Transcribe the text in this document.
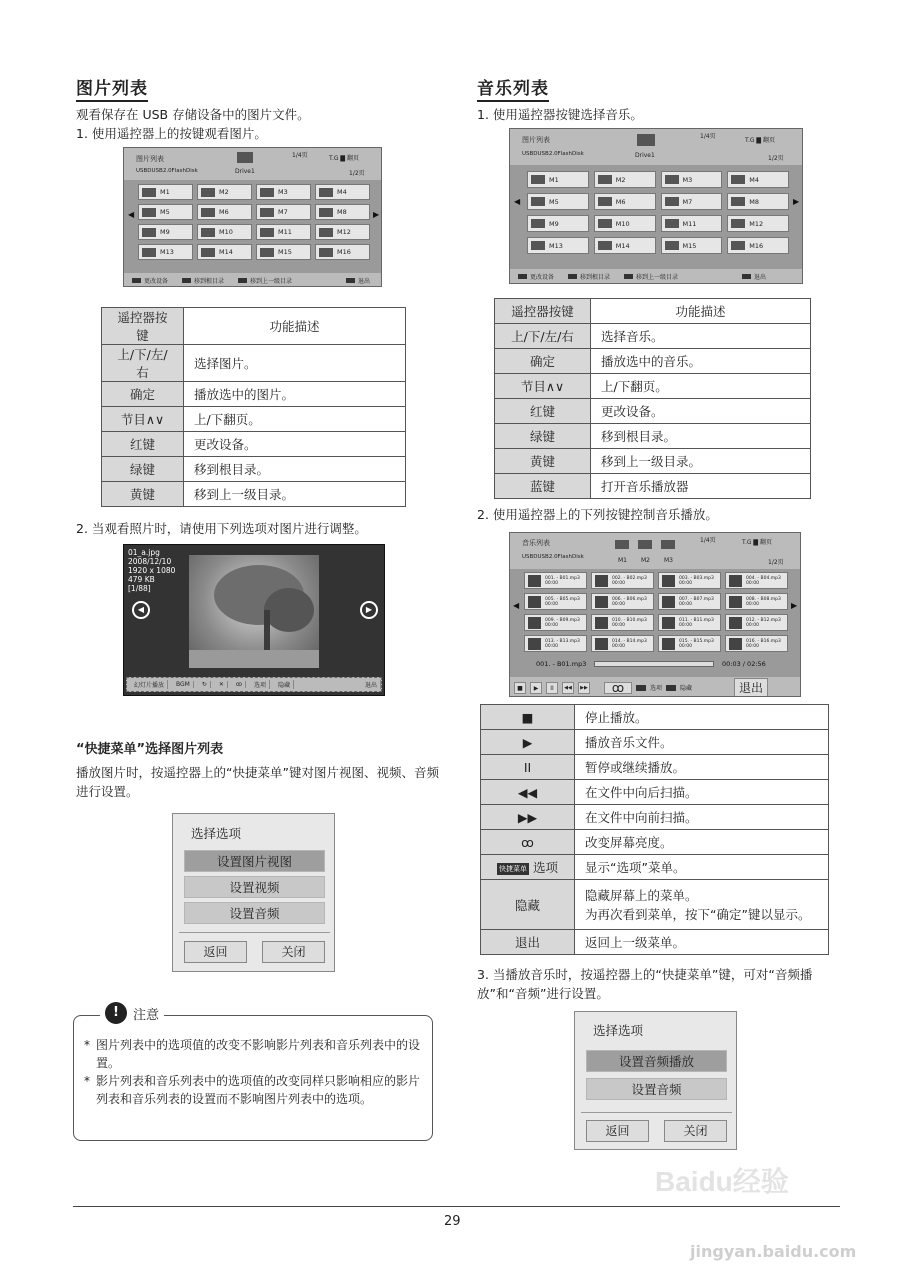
图片列表
观看保存在 USB 存储设备中的图片文件。
1. 使用遥控器上的按键观看图片。
图片列表
USBDUSB2.0FlashDisk	Drive1
1/4页	T.G ▇ 翻页
1/2页
◀	▶
M1	M2	M3	M4
M5	M6	M7	M8
M9	M10	M11	M12
M13	M14	M15	M16
更改设备	移到根目录	移到上一级目录	退出
遥控器按键	功能描述
上/下/左/右	选择图片。
确定	播放选中的图片。
节目∧∨	上/下翻页。
红键	更改设备。
绿键	移到根目录。
黄键	移到上一级目录。
2. 当观看照片时，请使用下列选项对图片进行调整。
01_a.jpg
2008/12/10
1920 x 1080
479 KB
[1/88]
◀	▶
幻灯片播放	BGM	↻	✕	ꝏ	选项	隐藏	退出
“快捷菜单”选择图片列表
播放图片时，按遥控器上的“快捷菜单”键对图片视图、视频、音频进行设置。
选择选项
设置图片视图
设置视频
设置音频
返回	关闭
!	注意
* 图片列表中的选项值的改变不影响影片列表和音乐列表中的设置。
* 影片列表和音乐列表中的选项值的改变同样只影响相应的影片列表和音乐列表的设置而不影响图片列表中的选项。
音乐列表
1. 使用遥控器按键选择音乐。
图片列表
USBDUSB2.0FlashDisk	Drive1
1/4页
T.G ▇ 翻页
1/2页
◀	▶
M1	M2	M3	M4
M5	M6	M7	M8
M9	M10	M11	M12
M13	M14	M15	M16
更改设备	移到根目录	移到上一级目录	退出
遥控器按键	功能描述
上/下/左/右	选择音乐。
确定	播放选中的音乐。
节目∧∨	上/下翻页。
红键	更改设备。
绿键	移到根目录。
黄键	移到上一级目录。
蓝键	打开音乐播放器
2. 使用遥控器上的下列按键控制音乐播放。
音乐列表
USBDUSB2.0FlashDisk	M1 M2 M3
1/4页	T.G ▇ 翻页
1/2页
◀	▶
001. - B01.mp3
00:00
002. - B02.mp3
00:00
003. - B03.mp3
00:00
004. - B04.mp3
00:00
005. - B05.mp3
00:00
006. - B06.mp3
00:00
007. - B07.mp3
00:00
008. - B08.mp3
00:00
009. - B09.mp3
00:00
010. - B10.mp3
00:00
011. - B11.mp3
00:00
012. - B12.mp3
00:00
013. - B13.mp3
00:00
014. - B14.mp3
00:00
015. - B15.mp3
00:00
016. - B16.mp3
00:00
001. - B01.mp3	00:03 / 02:56
■	▶	II	◀◀	▶▶	ꝏ	选项	隐藏	退出
■	停止播放。

▶	播放音乐文件。

II	暂停或继续播放。

◀◀	在文件中向后扫描。

▶▶	在文件中向前扫描。

ꝏ	改变屏幕亮度。

快捷菜单 选项	显示“选项”菜单。

隐藏	隐藏屏幕上的菜单。
为再次看到菜单，按下“确定”键以显示。

退出	返回上一级菜单。
3. 当播放音乐时，按遥控器上的“快捷菜单”键，可对“音频播放”和“音频”进行设置。
选择选项
设置音频播放
设置音频
返回	关闭
29
Baidu经验
jingyan.baidu.com
